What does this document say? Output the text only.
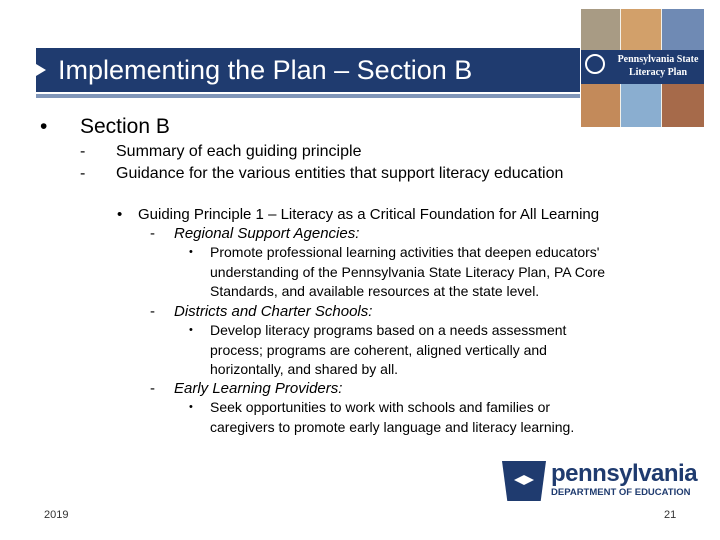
Implementing the Plan – Section B	Pennsylvania State
Literacy Plan
• Section B
- Summary of each guiding principle
- Guidance for the various entities that support literacy education
• Guiding Principle 1 – Literacy as a Critical Foundation for All Learning
- Regional Support Agencies:
• Promote professional learning activities that deepen educators'
understanding of the Pennsylvania State Literacy Plan, PA Core
Standards, and available resources at the state level.
- Districts and Charter Schools:
• Develop literacy programs based on a needs assessment
process; programs are coherent, aligned vertically and
horizontally, and shared by all.
- Early Learning Providers:
• Seek opportunities to work with schools and families or
caregivers to promote early language and literacy learning.
pennsylvania
DEPARTMENT OF EDUCATION
2019	21
